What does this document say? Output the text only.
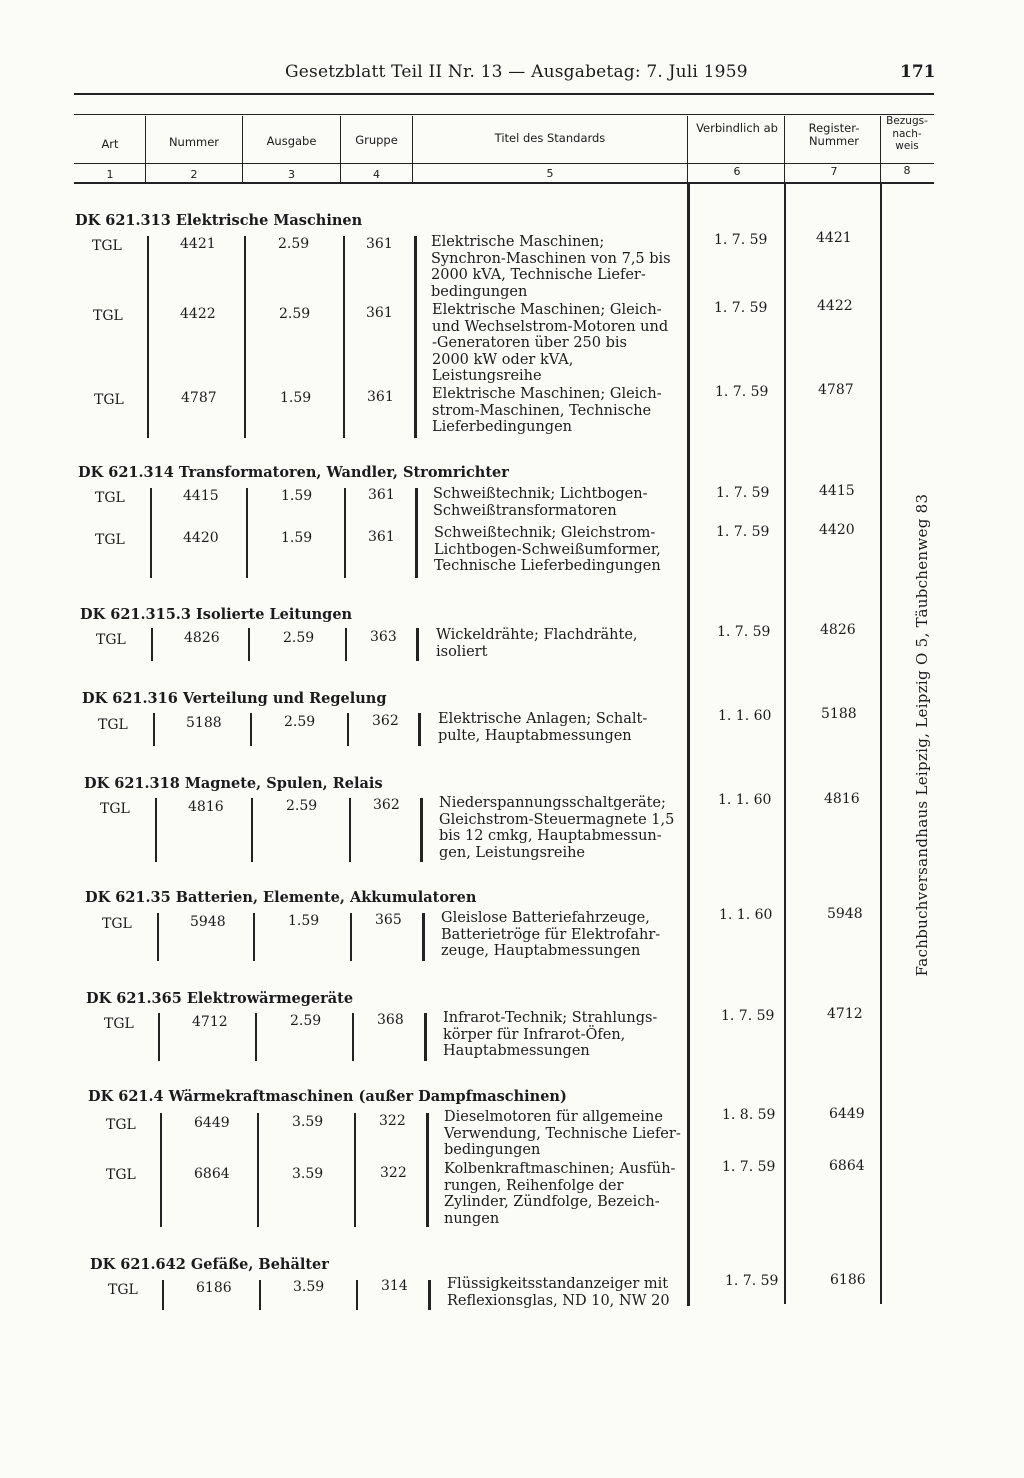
Gesetzblatt Teil II Nr. 13 — Ausgabetag: 7. Juli 1959	171
Art	Nummer	Ausgabe	Gruppe	Titel des Standards
Verbindlich ab	Register-Nummer
Bezugs-nach-weis
1	2	3	4	5	6	7	8
DK 621.313 Elektrische Maschinen
DK 621.314 Transformatoren, Wandler, Stromrichter
DK 621.315.3 Isolierte Leitungen
DK 621.316 Verteilung und Regelung
DK 621.318 Magnete, Spulen, Relais
DK 621.35 Batterien, Elemente, Akkumulatoren
DK 621.365 Elektrowärmegeräte
DK 621.4 Wärmekraftmaschinen (außer Dampfmaschinen)
DK 621.642 Gefäße, Behälter
TGL	4421	2.59	361	Elektrische Maschinen;
Synchron-Maschinen von 7,5 bis
2000 kVA, Technische Liefer-
bedingungen
1. 7. 59	4421
TGL	4422	2.59	361	Elektrische Maschinen; Gleich-
und Wechselstrom-Motoren und
-Generatoren über 250 bis
2000 kW oder kVA,
Leistungsreihe
1. 7. 59	4422
TGL	4787	1.59	361	Elektrische Maschinen; Gleich-
strom-Maschinen, Technische
Lieferbedingungen
1. 7. 59	4787
TGL	4415	1.59	361	Schweißtechnik; Lichtbogen-
Schweißtransformatoren
1. 7. 59	4415
TGL	4420	1.59	361	Schweißtechnik; Gleichstrom-
Lichtbogen-Schweißumformer,
Technische Lieferbedingungen
1. 7. 59	4420
TGL	4826	2.59	363	Wickeldrähte; Flachdrähte,
isoliert
1. 7. 59	4826
TGL	5188	2.59	362	Elektrische Anlagen; Schalt-
pulte, Hauptabmessungen
1. 1. 60	5188
TGL	4816	2.59	362	Niederspannungsschaltgeräte;
Gleichstrom-Steuermagnete 1,5
bis 12 cmkg, Hauptabmessun-
gen, Leistungsreihe
1. 1. 60	4816
TGL	5948	1.59	365	Gleislose Batteriefahrzeuge,
Batterietröge für Elektrofahr-
zeuge, Hauptabmessungen
1. 1. 60	5948
TGL	4712	2.59	368	Infrarot-Technik; Strahlungs-
körper für Infrarot-Öfen,
Hauptabmessungen
1. 7. 59	4712
TGL	6449	3.59	322	Dieselmotoren für allgemeine
Verwendung, Technische Liefer-
bedingungen
1. 8. 59	6449
TGL	6864	3.59	322	Kolbenkraftmaschinen; Ausfüh-
rungen, Reihenfolge der
Zylinder, Zündfolge, Bezeich-
nungen
1. 7. 59	6864
TGL	6186	3.59	314	Flüssigkeitsstandanzeiger mit
Reflexionsglas, ND 10, NW 20
1. 7. 59	6186
Fachbuchversandhaus Leipzig, Leipzig O 5, Täubchenweg 83
